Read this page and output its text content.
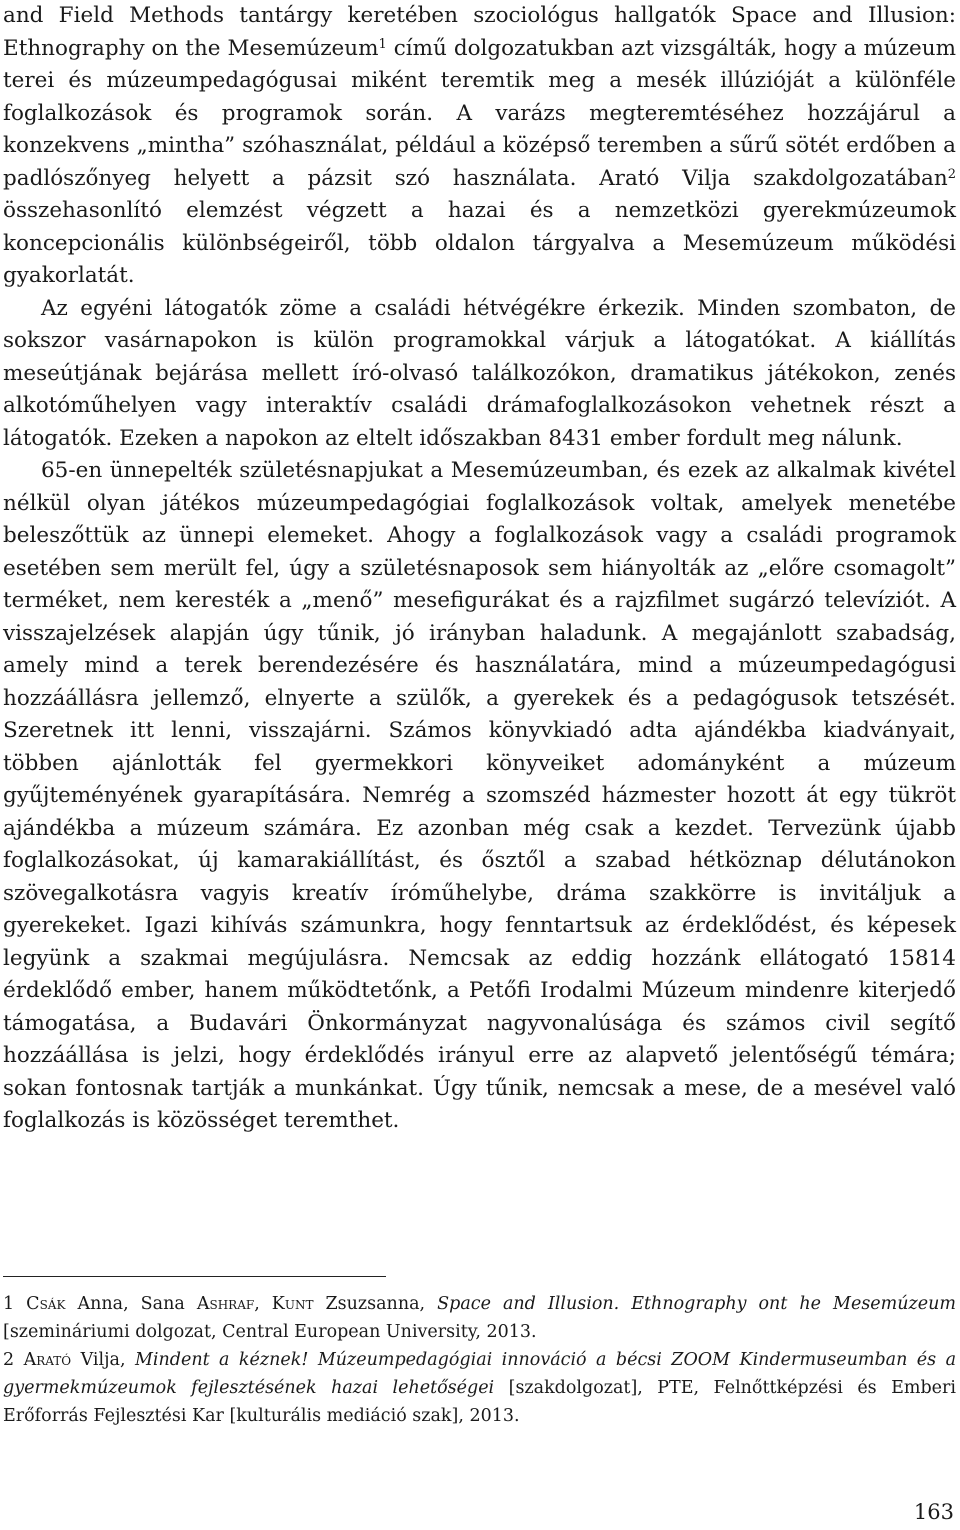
and Field Methods tantárgy keretében szociológus hallgatók Space and Illusion: Ethnography on the Mesemúzeum$^1$ című dolgozatukban azt vizsgálták, hogy a múzeum terei és múzeumpedagógusai miként teremtik meg a mesék illúzióját a különféle foglalkozások és programok során. A varázs megteremtéséhez hozzájárul a konzekvens „mintha” szóhasználat, például a középső teremben a sűrű sötét erdőben a padlószőnyeg helyett a pázsit szó használata. Arató Vilja szakdolgozatában$^2$ összehasonlító elemzést végzett a hazai és a nemzetközi gyerekmúzeumok koncepcionális különbségeiről, több oldalon tárgyalva a Mesemúzeum működési gyakorlatát.

Az egyéni látogatók zöme a családi hétvégékre érkezik. Minden szombaton, de sokszor vasárnapokon is külön programokkal várjuk a látogatókat. A kiállítás meseútjának bejárása mellett író-olvasó találkozókon, dramatikus játékokon, zenés alkotóműhelyen vagy interaktív családi drámafoglalkozásokon vehetnek részt a látogatók. Ezeken a napokon az eltelt időszakban 8431 ember fordult meg nálunk.

65-en ünnepelték születésnapjukat a Mesemúzeumban, és ezek az alkalmak kivétel nélkül olyan játékos múzeumpedagógiai foglalkozások voltak, amelyek menetébe beleszőttük az ünnepi elemeket. Ahogy a foglalkozások vagy a családi programok esetében sem merült fel, úgy a születésnaposok sem hiányolták az „előre csomagolt” terméket, nem keresték a „menő” mesefigurákat és a rajzfilmet sugárzó televíziót. A visszajelzések alapján úgy tűnik, jó irányban haladunk. A megajánlott szabadság, amely mind a terek berendezésére és használatára, mind a múzeumpedagógusi hozzáállásra jellemző, elnyerte a szülők, a gyerekek és a pedagógusok tetszését. Szeretnek itt lenni, visszajárni. Számos könyvkiadó adta ajándékba kiadványait, többen ajánlották fel gyermekkori könyveiket adományként a múzeum gyűjteményének gyarapítására. Nemrég a szomszéd házmester hozott át egy tükröt ajándékba a múzeum számára. Ez azonban még csak a kezdet. Tervezünk újabb foglalkozásokat, új kamarakiállítást, és ősztől a szabad hétköznap délutánokon szövegalkotásra vagyis kreatív íróműhelybe, dráma szakkörre is invitáljuk a gyerekeket. Igazi kihívás számunkra, hogy fenntartsuk az érdeklődést, és képesek legyünk a szakmai megújulásra. Nemcsak az eddig hozzánk ellátogató 15814 érdeklődő ember, hanem működtetőnk, a Petőfi Irodalmi Múzeum mindenre kiterjedő támogatása, a Budavári Önkormányzat nagyvonalúsága és számos civil segítő hozzáállása is jelzi, hogy érdeklődés irányul erre az alapvető jelentőségű témára; sokan fontosnak tartják a munkánkat. Úgy tűnik, nemcsak a mese, de a mesével való foglalkozás is közösséget teremthet.

1 Csák Anna, Sana Ashraf, Kunt Zsuzsanna, Space and Illusion. Ethnography ont he Mesemúzeum [szemináriumi dolgozat, Central European University, 2013.

2 Arató Vilja, Mindent a kéznek! Múzeumpedagógiai innováció a bécsi ZOOM Kindermuseumban és a gyermekmúzeumok fejlesztésének hazai lehetőségei [szakdolgozat], PTE, Felnőttképzési és Emberi Erőforrás Fejlesztési Kar [kulturális mediáció szak], 2013.

163
